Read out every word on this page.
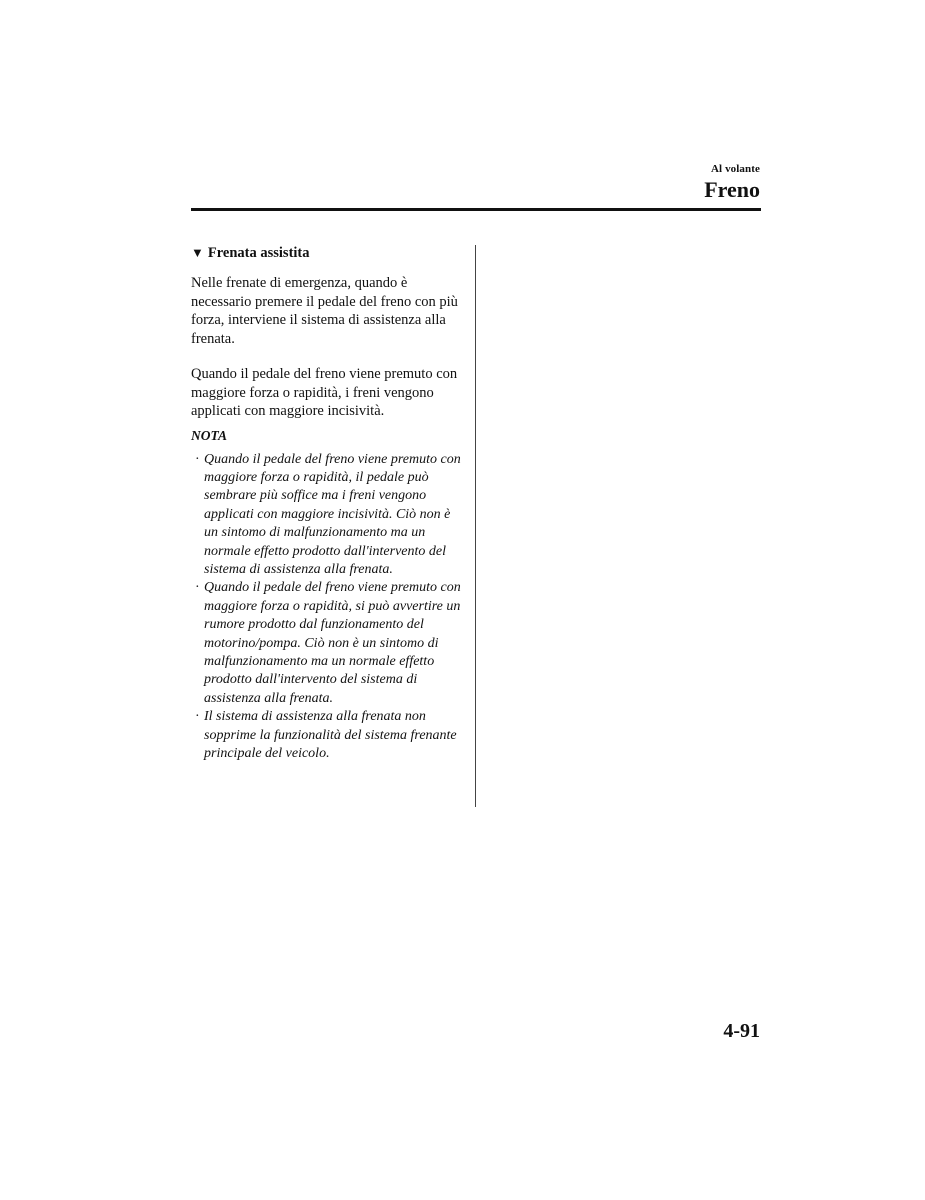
Al volante
Freno
▼ Frenata assistita

Nelle frenate di emergenza, quando è necessario premere il pedale del freno con più forza, interviene il sistema di assistenza alla frenata.

Quando il pedale del freno viene premuto con maggiore forza o rapidità, i freni vengono applicati con maggiore incisività.

NOTA
· Quando il pedale del freno viene premuto con maggiore forza o rapidità, il pedale può sembrare più soffice ma i freni vengono applicati con maggiore incisività. Ciò non è un sintomo di malfunzionamento ma un normale effetto prodotto dall'intervento del sistema di assistenza alla frenata.
· Quando il pedale del freno viene premuto con maggiore forza o rapidità, si può avvertire un rumore prodotto dal funzionamento del motorino/pompa. Ciò non è un sintomo di malfunzionamento ma un normale effetto prodotto dall'intervento del sistema di assistenza alla frenata.
· Il sistema di assistenza alla frenata non sopprime la funzionalità del sistema frenante principale del veicolo.
4-91
